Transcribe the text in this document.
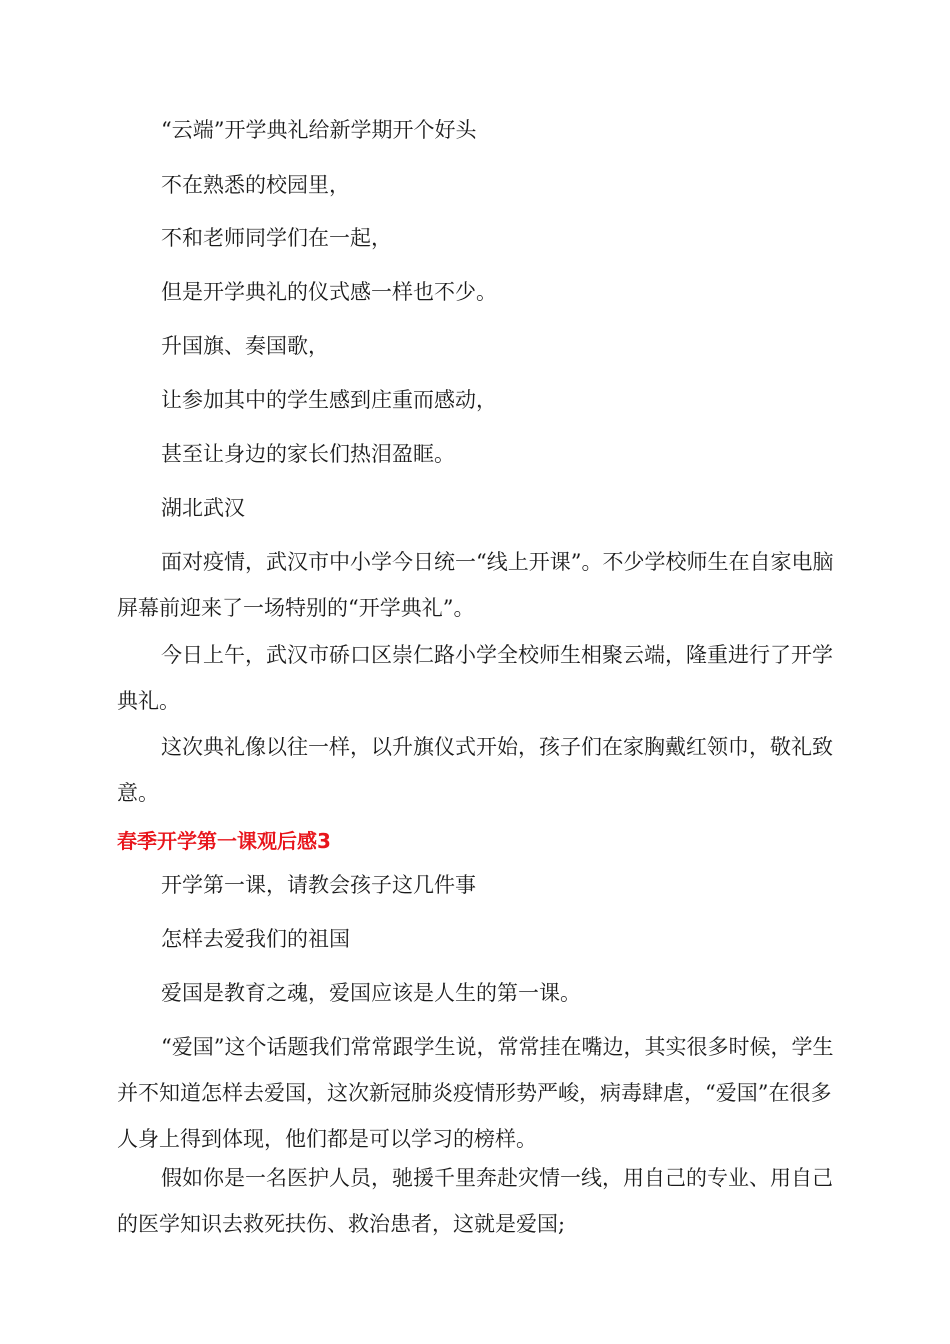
“云端”开学典礼给新学期开个好头

不在熟悉的校园里，

不和老师同学们在一起，

但是开学典礼的仪式感一样也不少。

升国旗、奏国歌，

让参加其中的学生感到庄重而感动，

甚至让身边的家长们热泪盈眶。

湖北武汉

面对疫情，武汉市中小学今日统一“线上开课”。不少学校师生在自家电脑屏幕前迎来了一场特别的“开学典礼”。

今日上午，武汉市硚口区崇仁路小学全校师生相聚云端，隆重进行了开学典礼。

这次典礼像以往一样，以升旗仪式开始，孩子们在家胸戴红领巾，敬礼致意。

春季开学第一课观后感3

开学第一课，请教会孩子这几件事

怎样去爱我们的祖国

爱国是教育之魂，爱国应该是人生的第一课。

“爱国”这个话题我们常常跟学生说，常常挂在嘴边，其实很多时候，学生并不知道怎样去爱国，这次新冠肺炎疫情形势严峻，病毒肆虐，“爱国”在很多人身上得到体现，他们都是可以学习的榜样。

假如你是一名医护人员，驰援千里奔赴灾情一线，用自己的专业、用自己的医学知识去救死扶伤、救治患者，这就是爱国;
